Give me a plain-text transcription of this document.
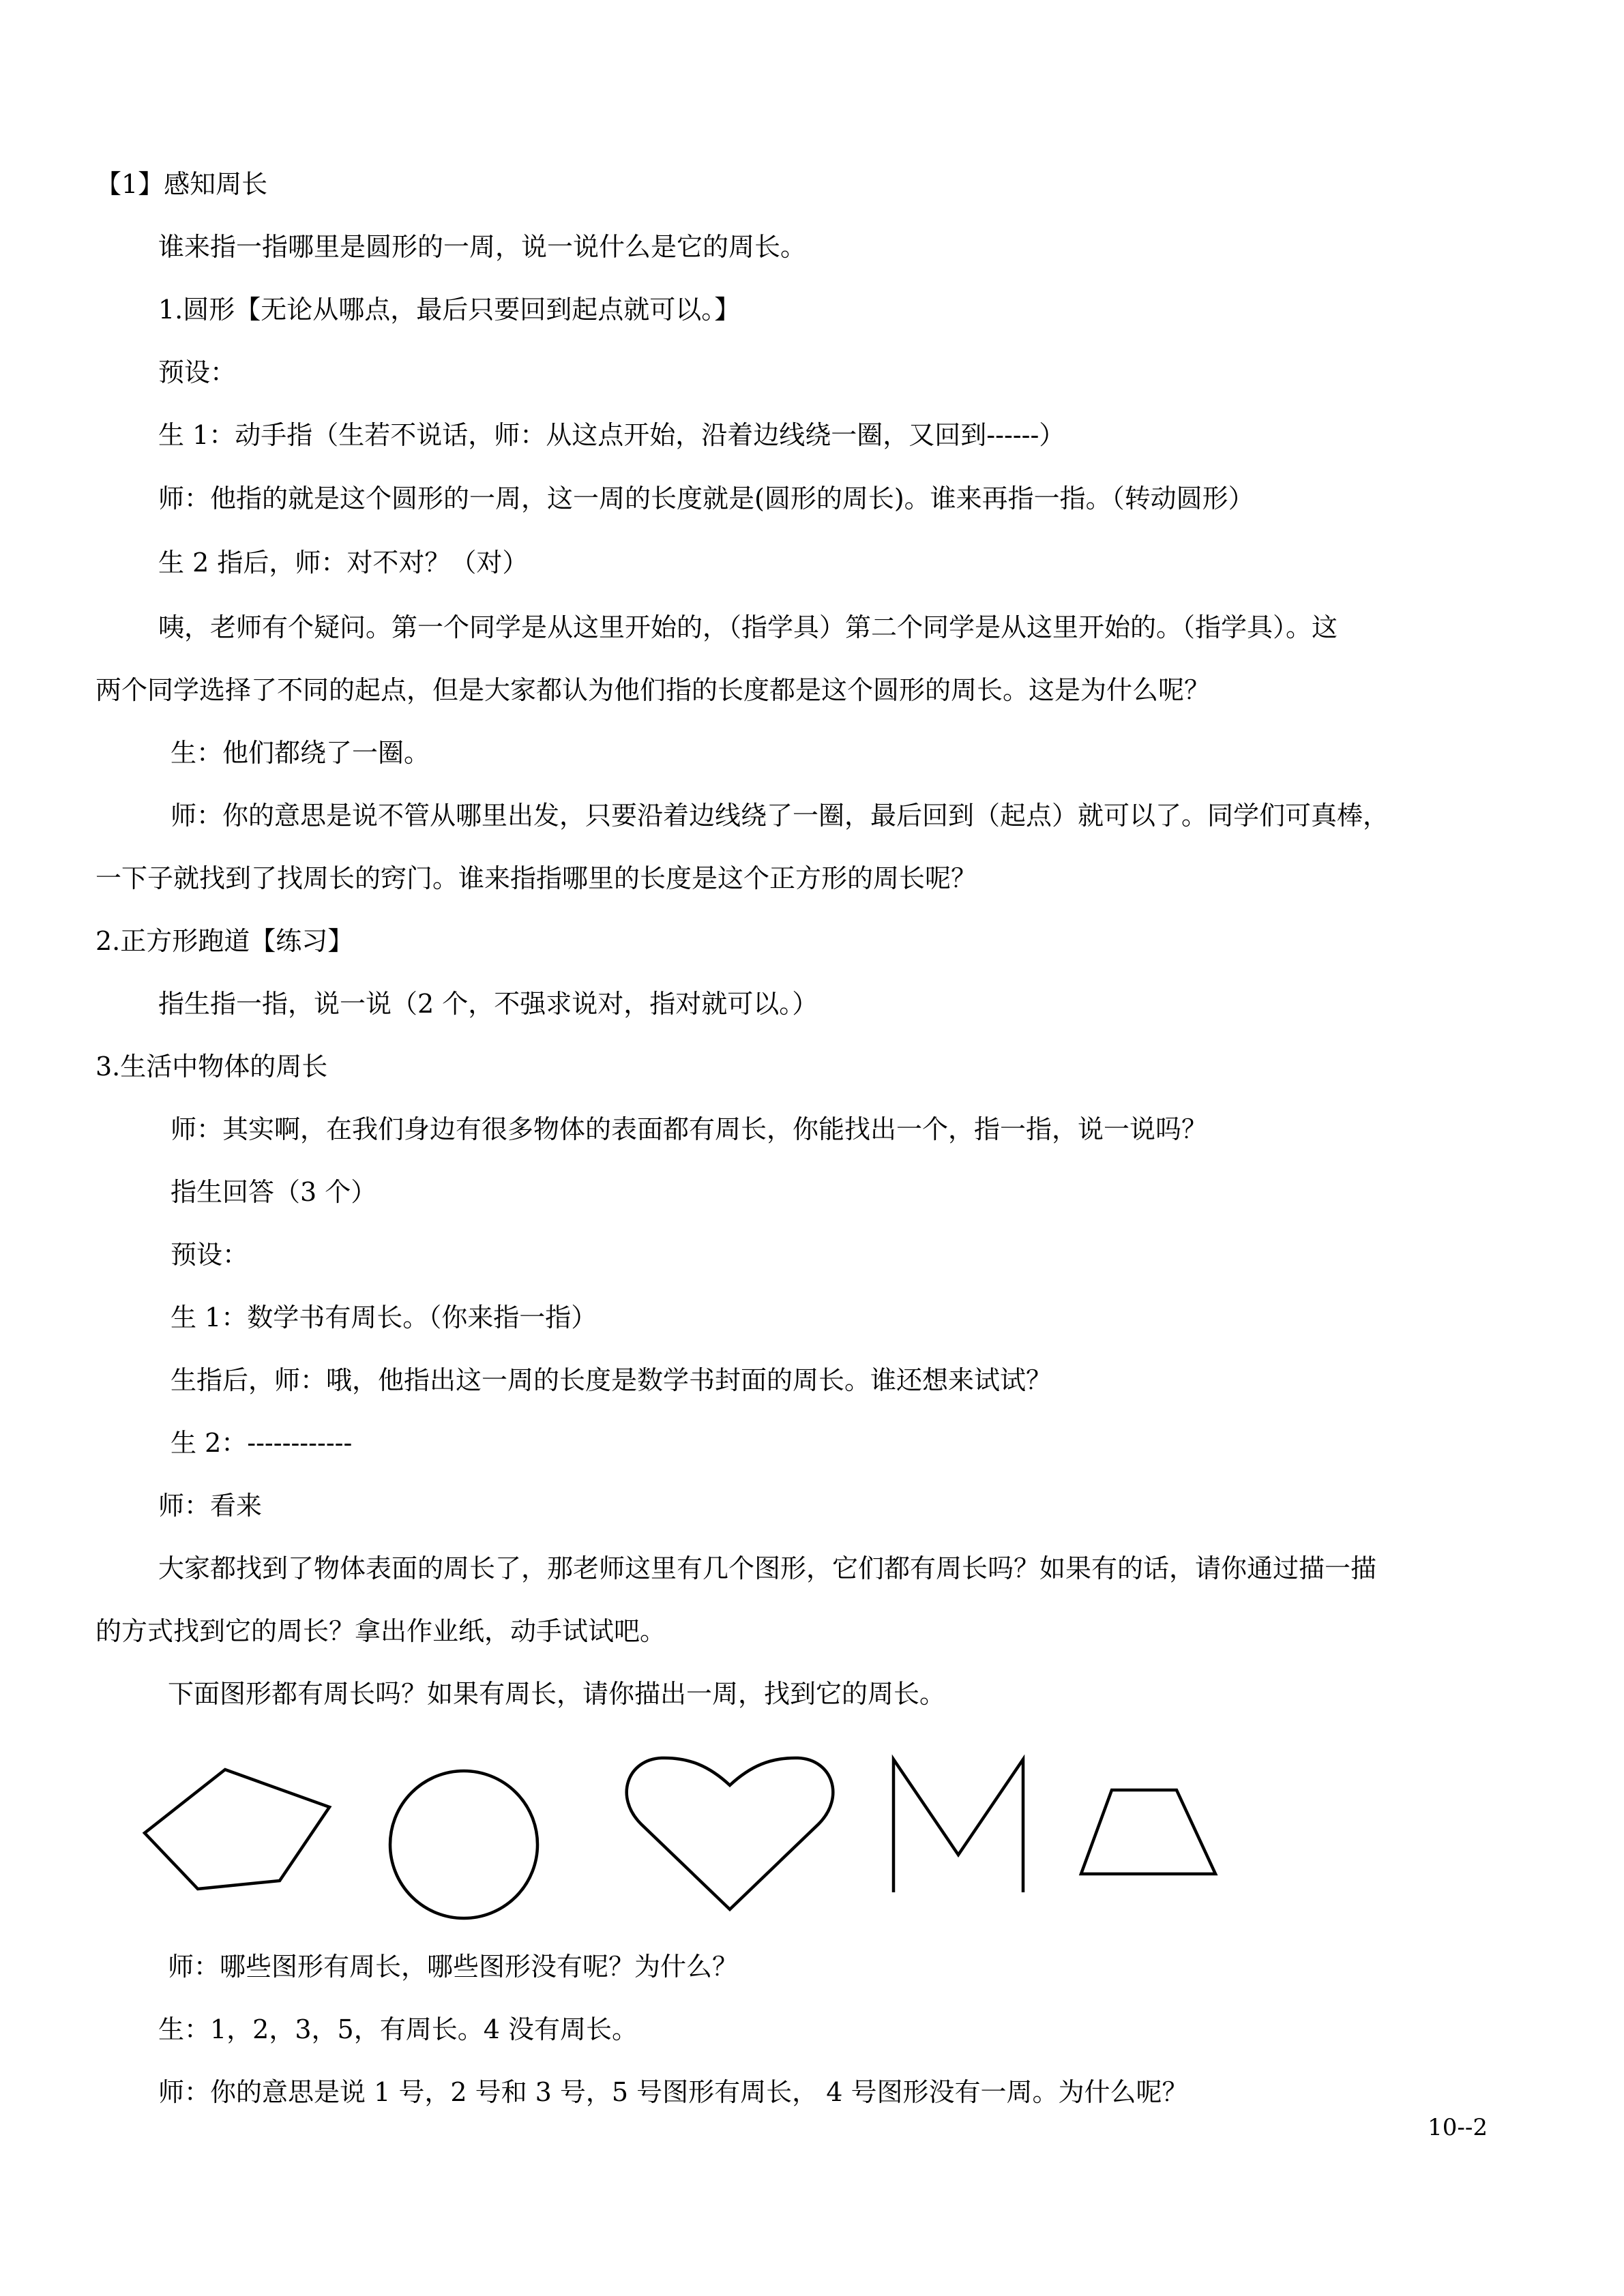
【1】感知周长
谁来指一指哪里是圆形的一周，说一说什么是它的周长。
1.圆形【无论从哪点，最后只要回到起点就可以。】
预设：
生 1：动手指（生若不说话，师：从这点开始，沿着边线绕一圈，又回到------）
师：他指的就是这个圆形的一周，这一周的长度就是(圆形的周长)。谁来再指一指。（转动圆形）
生 2 指后，师：对不对？（对）
咦，老师有个疑问。第一个同学是从这里开始的，（指学具）第二个同学是从这里开始的。（指学具）。这
两个同学选择了不同的起点，但是大家都认为他们指的长度都是这个圆形的周长。这是为什么呢？
生：他们都绕了一圈。
师：你的意思是说不管从哪里出发，只要沿着边线绕了一圈，最后回到（起点）就可以了。同学们可真棒，
一下子就找到了找周长的窍门。谁来指指哪里的长度是这个正方形的周长呢？
2.正方形跑道【练习】
指生指一指，说一说（2 个，不强求说对，指对就可以。）
3.生活中物体的周长
师：其实啊，在我们身边有很多物体的表面都有周长，你能找出一个，指一指，说一说吗？
指生回答（3 个）
预设：
生 1：数学书有周长。（你来指一指）
生指后，师：哦，他指出这一周的长度是数学书封面的周长。谁还想来试试？
生 2：------------
师：看来
大家都找到了物体表面的周长了，那老师这里有几个图形，它们都有周长吗？如果有的话，请你通过描一描
的方式找到它的周长？拿出作业纸，动手试试吧。
下面图形都有周长吗？如果有周长，请你描出一周，找到它的周长。
师：哪些图形有周长，哪些图形没有呢？为什么？
生：1，2，3，5，有周长。4 没有周长。
师：你的意思是说 1 号，2 号和 3 号，5 号图形有周长， 4 号图形没有一周。为什么呢？
10--2
